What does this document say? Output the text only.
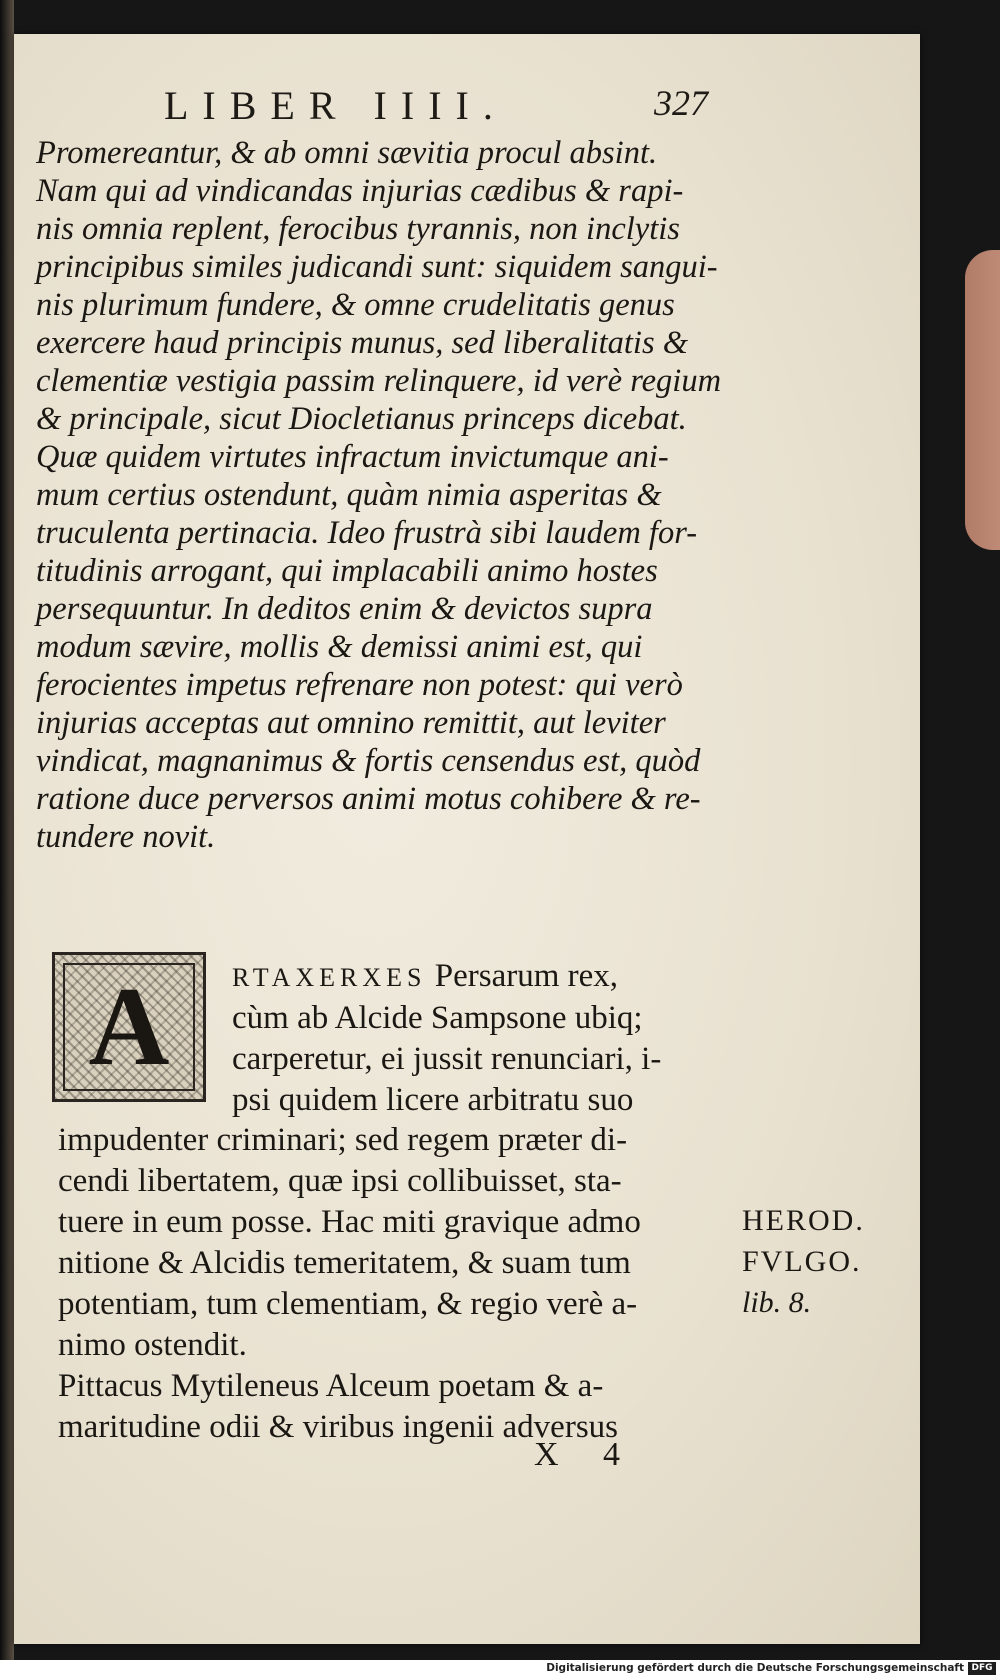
LIBER IIII.	327
Promereantur, & ab omni sævitia procul absint.
Nam qui ad vindicandas injurias cædibus & rapi-
nis omnia replent, ferocibus tyrannis, non inclytis
principibus similes judicandi sunt: siquidem sangui-
nis plurimum fundere, & omne crudelitatis genus
exercere haud principis munus, sed liberalitatis &
clementiæ vestigia passim relinquere, id verè regium
& principale, sicut Diocletianus princeps dicebat.
Quæ quidem virtutes infractum invictumque ani-
mum certius ostendunt, quàm nimia asperitas &
truculenta pertinacia. Ideo frustrà sibi laudem for-
titudinis arrogant, qui implacabili animo hostes
persequuntur. In deditos enim & devictos supra
modum sævire, mollis & demissi animi est, qui
ferocientes impetus refrenare non potest: qui verò
injurias acceptas aut omnino remittit, aut leviter
vindicat, magnanimus & fortis censendus est, quòd
ratione duce perversos animi motus cohibere & re-
tundere novit.
A RTAXERXES Persarum rex,
cùm ab Alcide Sampsone ubiq;
carperetur, ei jussit renunciari, i-
psi quidem licere arbitratu suo
impudenter criminari; sed regem præter di-
cendi libertatem, quæ ipsi collibuisset, sta-
tuere in eum posse. Hac miti gravique admo
nitione & Alcidis temeritatem, & suam tum
potentiam, tum clementiam, & regio verè a-
nimo ostendit.
Pittacus Mytileneus Alceum poetam & a-
maritudine odii & viribus ingenii adversus
HEROD.
FVLGO.
lib. 8.
X 4
Digitalisierung gefördert durch die Deutsche Forschungsgemeinschaft DFG
